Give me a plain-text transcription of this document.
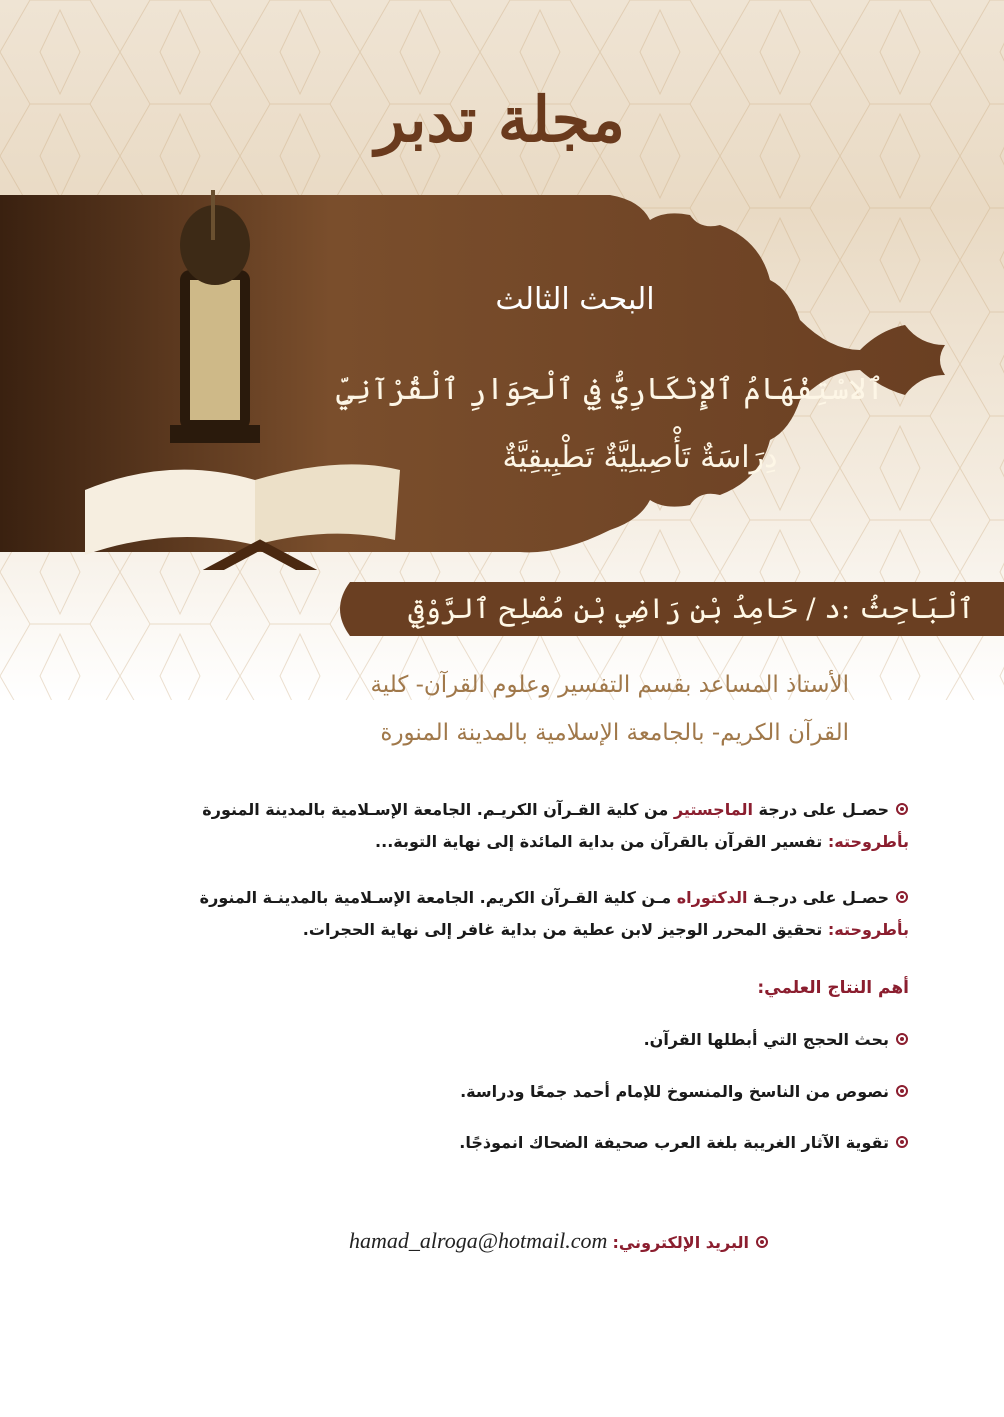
مجلة تدبر
البحث الثالث
ٱلاسْتِفْهَامُ ٱلإِنْكَارِيُّ فِي ٱلْحِوَارِ ٱلْقُرْآنِيِّ
دِرَاسَةٌ تَأْصِيلِيَّةٌ تَطْبِيقِيَّةٌ
ٱلْبَاحِثُ :د / حَامِدُ بْن رَاضِي بْن مُصْلِح ٱلرَّوْقِي
الأستاذ المساعد بقسم التفسير وعلوم القرآن- كلية
القرآن الكريم- بالجامعة الإسلامية بالمدينة المنورة
حصـل على درجة الماجستير من كلية القـرآن الكريـم. الجامعة الإسـلامية بالمدينة المنورة
بأطروحته: تفسير القرآن بالقرآن من بداية المائدة إلى نهاية التوبة...
حصـل على درجـة الدكتوراه مـن كلية القـرآن الكريم. الجامعة الإسـلامية بالمدينـة المنورة
بأطروحته: تحقيق المحرر الوجيز لابن عطية من بداية غافر إلى نهاية الحجرات.
أهم النتاج العلمي:
بحث الحجج التي أبطلها القرآن.
نصوص من الناسخ والمنسوخ للإمام أحمد جمعًا ودراسة.
تقوية الآثار الغريبة بلغة العرب صحيفة الضحاك انموذجًا.
البريد الإلكتروني: hamad_alroga@hotmail.com
